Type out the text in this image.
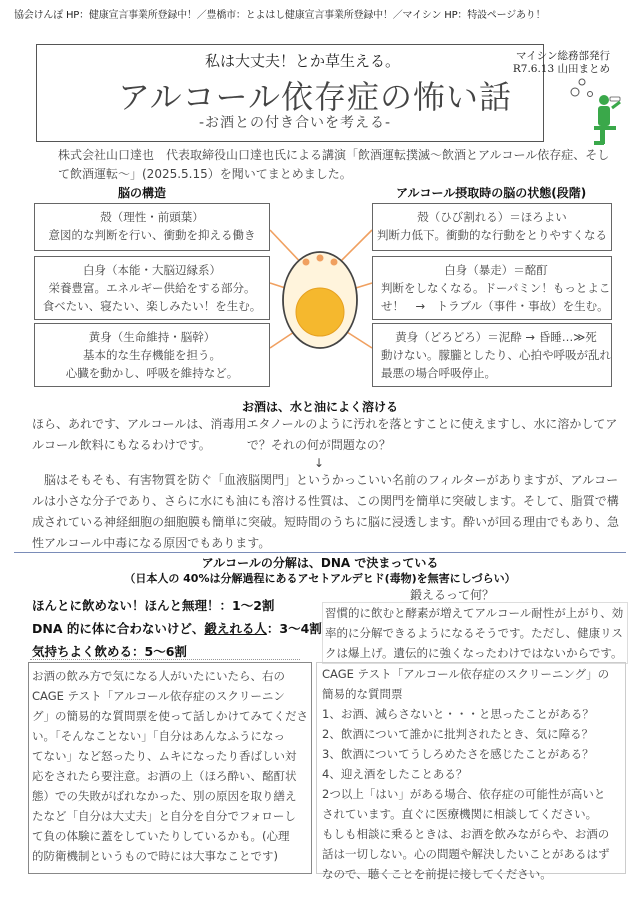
協会けんぽ HP：健康宣言事業所登録中！／豊橋市：とよはし健康宣言事業所登録中！／マイシン HP：特設ページあり！
私は大丈夫！とか草生える。	マイシン総務部発行
R7.6.13 山田まとめ
アルコール依存症の怖い話
-お酒との付き合いを考える-
株式会社山口達也　代表取締役山口達也氏による講演「飲酒運転撲滅～飲酒とアルコール依存症、そして飲酒運転～」(2025.5.15）を聞いてまとめました。
脳の構造
殻（理性・前頭葉）
意図的な判断を行い、衝動を抑える働き
白身（本能・大脳辺縁系）
栄養豊富。エネルギー供給をする部分。
食べたい、寝たい、楽しみたい！を生む。
黄身（生命維持・脳幹）
基本的な生存機能を担う。
心臓を動かし、呼吸を維持など。
アルコール摂取時の脳の状態(段階)
殻（ひび割れる）＝ほろよい
判断力低下。衝動的な行動をとりやすくなる
白身（暴走）＝酩酊
判断をしなくなる。ドーパミン！もっとよこ
せ！　→　トラブル（事件・事故）を生む。
黄身（どろどろ）＝泥酔 → 昏睡…≫死
動けない。朦朧としたり、心拍や呼吸が乱れ
最悪の場合呼吸停止。
お酒は、水と油によく溶ける
ほら、あれです、アルコールは、消毒用エタノールのように汚れを落とすことに使えますし、水に溶かしてア
ルコール飲料にもなるわけです。	で？それの何が問題なの？
↓
　脳はそもそも、有害物質を防ぐ「血液脳関門」というかっこいい名前のフィルターがありますが、アルコー
ルは小さな分子であり、さらに水にも油にも溶ける性質は、この関門を簡単に突破します。そして、脂質で構
成されている神経細胞の細胞膜も簡単に突破。短時間のうちに脳に浸透します。酔いが回る理由でもあり、急
性アルコール中毒になる原因でもあります。
アルコールの分解は、DNA で決まっている
（日本人の 40%は分解過程にあるアセトアルデヒド(毒物)を無害にしづらい）
ほんとに飲めない！ほんと無理！：1～2割
DNA 的に体に合わないけど、鍛えれる人：3～4割
気持ちよく飲める：5～6割
鍛えるって何？
習慣的に飲むと酵素が増えてアルコール耐性が上がり、効
率的に分解できるようになるそうです。ただし、健康リス
クは爆上げ。遺伝的に強くなったわけではないからです。
お酒の飲み方で気になる人がいたにいたら、右の
CAGE テスト「アルコール依存症のスクリーニン
グ」の簡易的な質問票を使って話しかけてみてくださ
い。「そんなことない」「自分はあんなふうになっ
てない」など怒ったり、ムキになったり香ばしい対
応をされたら要注意。お酒の上（ほろ酔い、酩酊状
態）での失敗がばれなかった、別の原因を取り繕え
たなど「自分は大丈夫」と自分を自分でフォローし
て負の体験に蓋をしていたりしているかも。(心理
的防衛機制というもので時には大事なことです)
CAGE テスト「アルコール依存症のスクリーニング」の
簡易的な質問票
1、お酒、減らさないと・・・と思ったことがある？
2、飲酒について誰かに批判されたとき、気に障る？
3、飲酒についてうしろめたさを感じたことがある？
4、迎え酒をしたことある？
2つ以上「はい」がある場合、依存症の可能性が高いと
されています。直ぐに医療機関に相談してください。
もしも相談に乗るときは、お酒を飲みながらや、お酒の
話は一切しない。心の問題や解決したいことがあるはず
なので、聴くことを前提に接してください。
